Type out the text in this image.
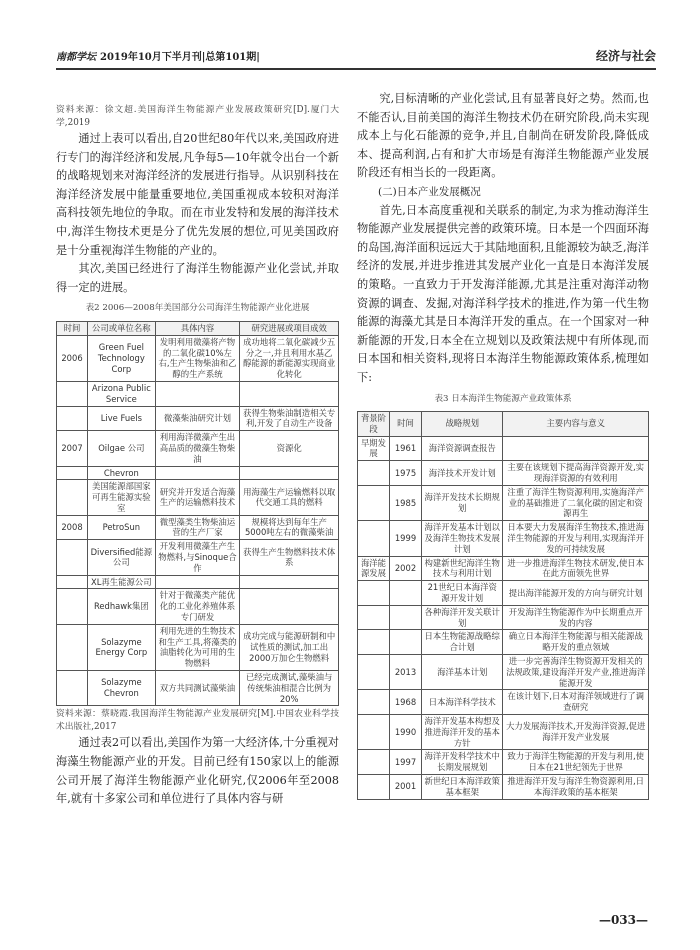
南都学坛 2019年10月下半月刊|总第101期|	经济与社会

资料来源：徐文超.美国海洋生物能源产业发展政策研究[D].厦门大学,2019

通过上表可以看出,自20世纪80年代以来,美国政府进行专门的海洋经济和发展,凡争每5—10年就令出台一个新的战略规划来对海洋经济的发展进行指导。从识别科技在海洋经济发展中能量重要地位,美国重视成本较积对海洋高科技领先地位的争取。而在市业发特和发展的海洋技术中,海洋生物技术更是分了优先发展的想位,可见美国政府是十分重视海洋生物能的产业的。

其次,美国已经进行了海洋生物能源产业化尝试,并取得一定的进展。

表2 2006—2008年美国部分公司海洋生物能源产业化进展
时间	公司或单位名称	具体内容	研究进展或项目成效
2006	Green Fuel Technology Corp	发明利用微藻将产物的二氧化碳10%左右,生产生物柴油和乙醇的生产系统	成功地将二氧化碳减少五分之一,并且利用水基乙醇能源的新能源实现商业化转化
	Arizona Public Service		
	Live Fuels	微藻柴油研究计划	获得生物柴油制造相关专利,开发了自动生产设备
2007	Oilgae 公司	利用海洋微藻产生出高品质的微藻生物柴油	资源化
	Chevron		
	美国能源部国家可再生能源实验室	研究并开发适合海藻生产的运输燃料技术	用海藻生产运输燃料以取代交通工具的燃料
2008	PetroSun	微型藻类生物柴油运营的生产厂家	规模将达到每年生产5000吨左右的微藻柴油
	Diversified能源公司	开发利用微藻生产生物燃料,与Sinoque合作	获得生产生物燃料技术体系
	XL再生能源公司		
	Redhawk集团	针对于微藻类产能优化的工业化养殖体系专门研发	
	Solazyme Energy Corp	利用先进的生物技术和生产工具,将藻类的油脂转化为可用的生物燃料	成功完成与能源研制和中试性质的测试,加工出2000万加仑生物燃料
	Solazyme Chevron	双方共同测试藻柴油	已经完成测试,藻柴油与传统柴油相混合比例为20%

资料来源：蔡晓霞.我国海洋生物能源产业发展研究[M].中国农业科学技术出版社,2017

通过表2可以看出,美国作为第一大经济体,十分重视对海藻生物能源产业的开发。目前已经有150家以上的能源公司开展了海洋生物能源产业化研究,仅2006年至2008年,就有十多家公司和单位进行了具体内容与研

究,目标清晰的产业化尝试,且有显著良好之势。然而,也不能否认,目前美国的海洋生物技术仍在研究阶段,尚未实现成本上与化石能源的竞争,并且,自制尚在研发阶段,降低成本、提高利润,占有和扩大市场是有海洋生物能源产业发展阶段还有相当长的一段距离。

(二)日本产业发展概况

首先,日本高度重视和关联系的制定,为求为推动海洋生物能源产业发展提供完善的政策环境。日本是一个四面环海的岛国,海洋面积远远大于其陆地面积,且能源较为缺乏,海洋经济的发展,并进步推进其发展产业化一直是日本海洋发展的策略。一直致力于开发海洋能源,尤其是注重对海洋动物资源的调查、发掘,对海洋科学技术的推进,作为第一代生物能源的海藻尤其是日本海洋开发的重点。在一个国家对一种新能源的开发,日本全在立规划以及政策法规中有所体现,而日本国和相关资料,现将日本海洋生物能源政策体系,梳理如下:

表3 日本海洋生物能源产业政策体系
背景阶段	时间	战略规划	主要内容与意义
早期发展	1961	海洋资源调查报告	
	1975	海洋技术开发计划	主要在该规划下提高海洋资源开发,实现海洋资源的有效利用
	1985	海洋开发技术长期规划	注重了海洋生物资源利用,实施海洋产业的基础推进了二氧化碳的固定和资源再生
	1999	海洋开发基本计划以及海洋生物技术发展计划	日本要大力发展海洋生物技术,推进海洋生物能源的开发与利用,实现海洋开发的可持续发展
海洋能源发展	2002	构建新世纪海洋生物技术与利用计划	进一步推进海洋生物技术研发,使日本在此方面领先世界
		21世纪日本海洋资源开发计划	提出海洋能源开发的方向与研究计划
		各种海洋开发关联计划	开发海洋生物能源作为中长期重点开发的内容
		日本生物能源战略综合计划	确立日本海洋生物能源与相关能源战略开发的重点领域
	2013	海洋基本计划	进一步完善海洋生物资源开发相关的法规政策,建设海洋开发产业,推进海洋能源开发
	1968	日本海洋科学技术	在该计划下,日本对海洋领域进行了调查研究
	1990	海洋开发基本构想及推进海洋开发的基本方针	大力发展海洋技术,开发海洋资源,促进海洋开发产业发展
	1997	海洋开发科学技术中长期发展规划	致力于海洋生物能源的开发与利用,使日本在21世纪领先于世界
	2001	新世纪日本海洋政策基本框架	推进海洋开发与海洋生物资源利用,日本海洋政策的基本框架
—033—
